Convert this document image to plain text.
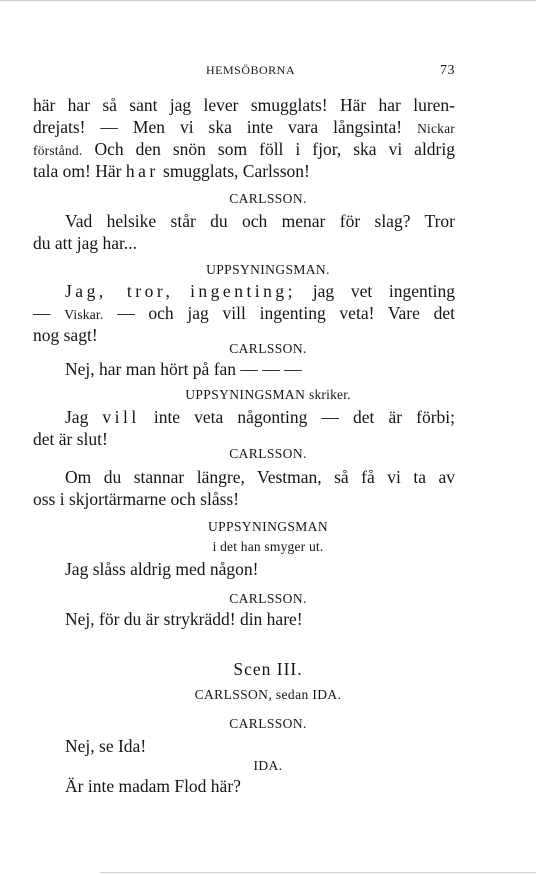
HEMSÖBORNA	73
här har så sant jag lever smugglats! Här har luren-
drejats! — Men vi ska inte vara långsinta! Nickar
förstånd. Och den snön som föll i fjor, ska vi aldrig
tala om! Här har smugglats, Carlsson!
CARLSSON.
Vad helsike står du och menar för slag? Tror
du att jag har...
UPPSYNINGSMAN.
Jag, tror, ingenting; jag vet ingenting
— Viskar. — och jag vill ingenting veta! Vare det
nog sagt!
CARLSSON.
Nej, har man hört på fan — — —
UPPSYNINGSMAN skriker.
Jag vill inte veta någonting — det är förbi;
det är slut!
CARLSSON.
Om du stannar längre, Vestman, så få vi ta av
oss i skjortärmarne och slåss!
UPPSYNINGSMAN
i det han smyger ut.
Jag slåss aldrig med någon!
CARLSSON.
Nej, för du är strykrädd! din hare!
Scen III.
CARLSSON, sedan IDA.
CARLSSON.
Nej, se Ida!
IDA.
Är inte madam Flod här?
